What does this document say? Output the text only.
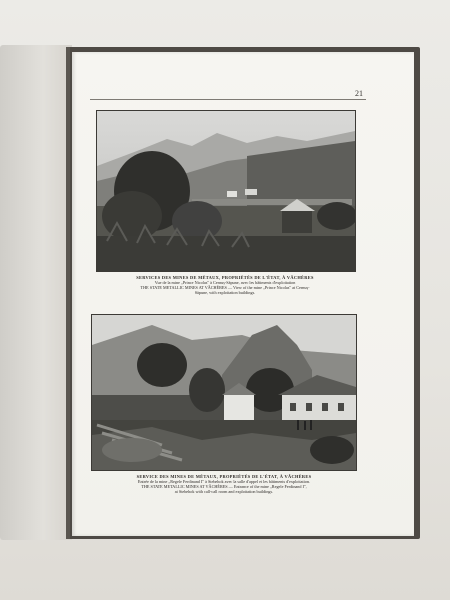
21
SERVICES DES MINES DE MÉTAUX, PROPRIÉTÉS DE L'ÉTAT, À VÂCHÈRES
Vue de la mine „Prince Nicolas" à Cernuș-Săpune, avec les bâtiments d'exploitation
THE STATE METALLIC MINES AT VÂCHÈRES — View of the mine „Prince Nicolas" at Cernuș-
Săpune, with exploitation buildings.
SERVICE DES MINES DE MÉTAUX, PROPRIÉTÉS DE L'ÉTAT, À VÂCHÈRES
Entrée de la mine „Regele Ferdinand I" à Stebehok avec la salle d'appel et les bâtiments d'exploitation.
THE STATE METALLIC MINES AT VÂCHÈRES — Entrance of the mine „Regele Ferdinand I",
at Stebehok with call-call room and exploitation buildings.
